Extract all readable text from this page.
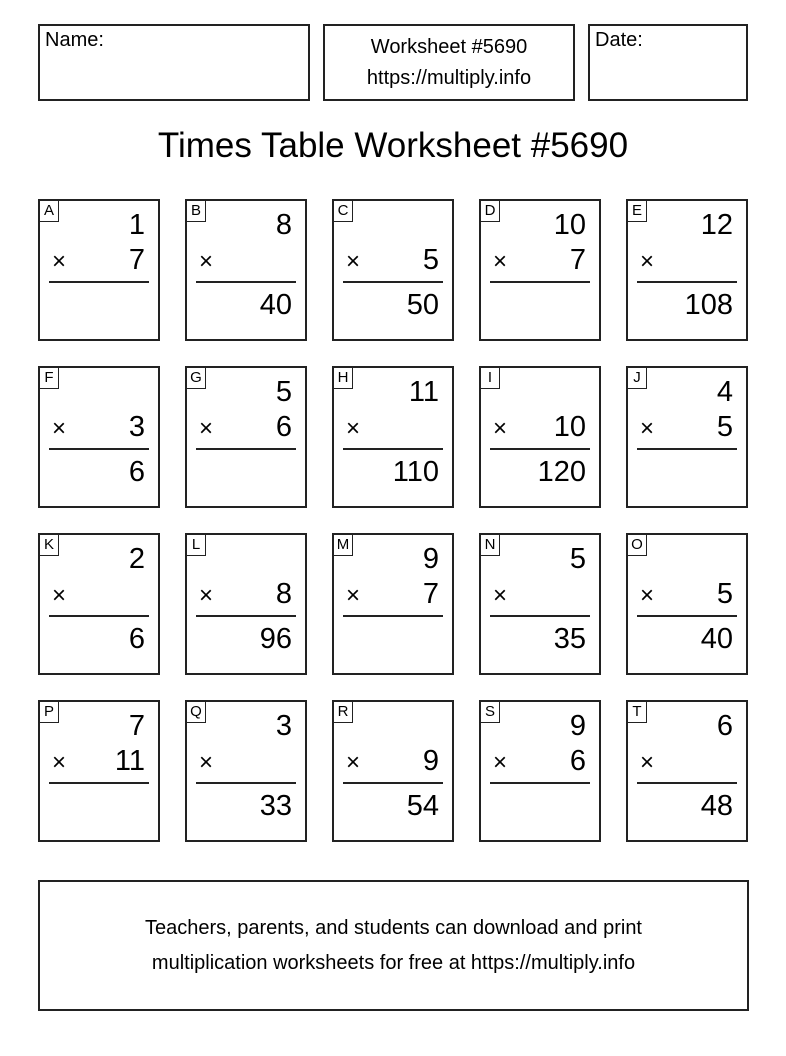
Name:	Worksheet #5690
https://multiply.info
Date:
Times Table Worksheet #5690
A	1
× 7
B	8
×
40
C
× 5
50
D 10
× 7
E 12
×
108
F
× 3
6
G	5
× 6
H 11
×
110
I
× 10
120
J	4
× 5
K	2
×
6
L
× 8
96
M	9
× 7
N	5
×
35
O
× 5
40
P	7
× 11
Q	3
×
33
R
× 9
54
S	9
× 6
T	6
×
48
Teachers, parents, and students can download and print
multiplication worksheets for free at https://multiply.info
